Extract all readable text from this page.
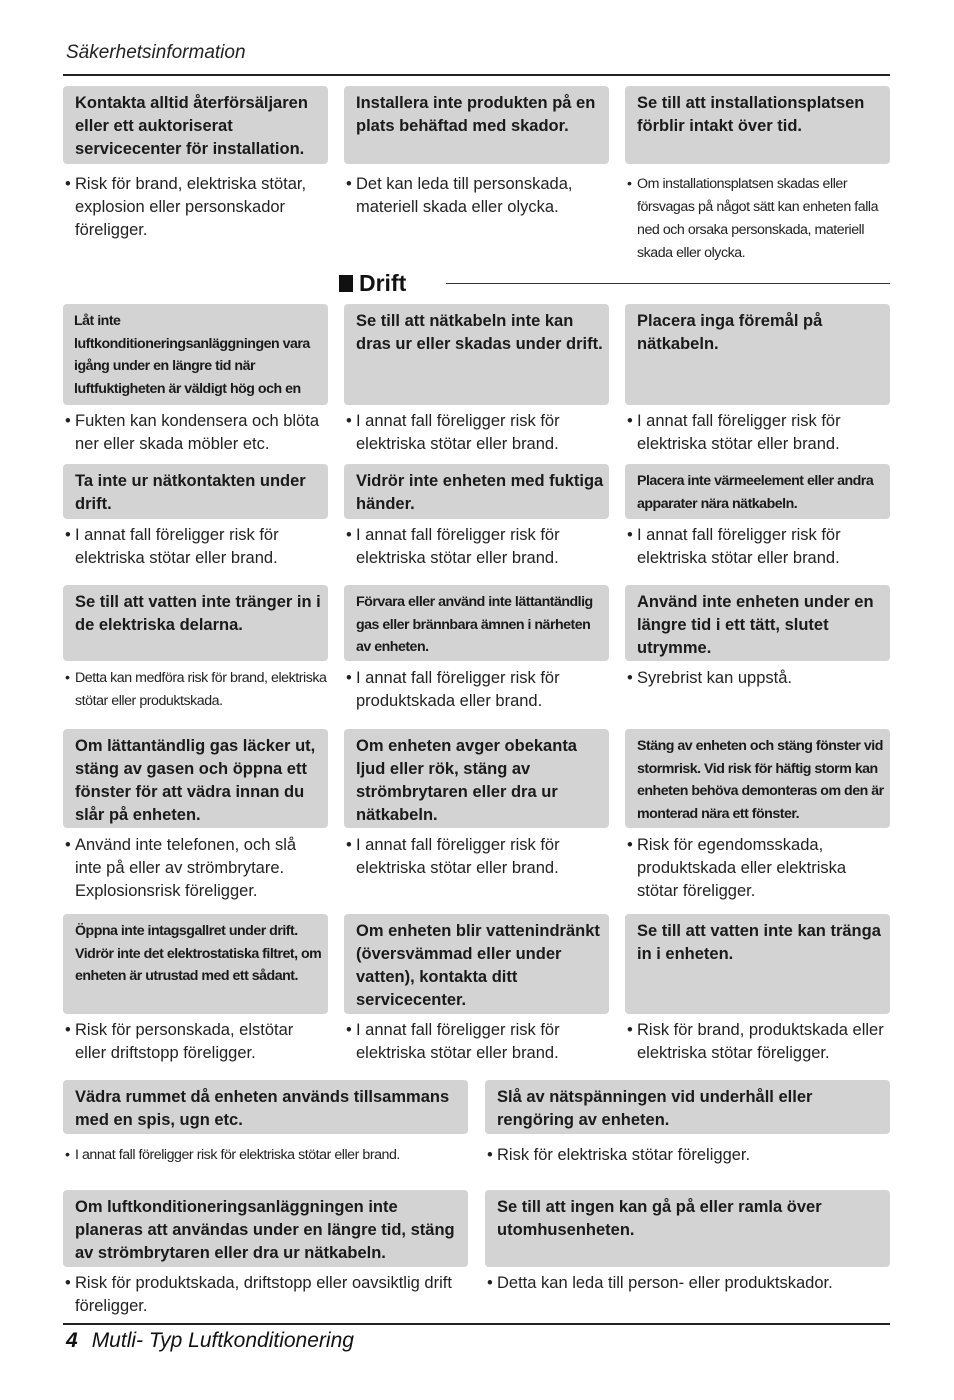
Säkerhetsinformation
Kontakta alltid återförsäljaren eller ett auktoriserat servicecenter för installation.
Installera inte produkten på en plats behäftad med skador.
Se till att installationsplatsen förblir intakt över tid.
• Risk för brand, elektriska stötar, explosion eller personskador föreligger.
• Det kan leda till personskada, materiell skada eller olycka.
• Om installationsplatsen skadas eller försvagas på något sätt kan enheten falla ned och orsaka personskada, materiell skada eller olycka.
Drift
Låt inte luftkonditioneringsanläggningen vara igång under en längre tid när luftfuktigheten är väldigt hög och en
Se till att nätkabeln inte kan dras ur eller skadas under drift.
Placera inga föremål på nätkabeln.
• Fukten kan kondensera och blöta ner eller skada möbler etc.
• I annat fall föreligger risk för elektriska stötar eller brand.
• I annat fall föreligger risk för elektriska stötar eller brand.
Ta inte ur nätkontakten under drift.
Vidrör inte enheten med fuktiga händer.
Placera inte värmeelement eller andra apparater nära nätkabeln.
• I annat fall föreligger risk för elektriska stötar eller brand.
• I annat fall föreligger risk för elektriska stötar eller brand.
• I annat fall föreligger risk för elektriska stötar eller brand.
Se till att vatten inte tränger in i de elektriska delarna.
Förvara eller använd inte lättantändlig gas eller brännbara ämnen i närheten av enheten.
Använd inte enheten under en längre tid i ett tätt, slutet utrymme.
• Detta kan medföra risk för brand, elektriska stötar eller produktskada.
• I annat fall föreligger risk för produktskada eller brand.
• Syrebrist kan uppstå.
Om lättantändlig gas läcker ut, stäng av gasen och öppna ett fönster för att vädra innan du slår på enheten.
Om enheten avger obekanta ljud eller rök, stäng av strömbrytaren eller dra ur nätkabeln.
Stäng av enheten och stäng fönster vid stormrisk. Vid risk för häftig storm kan enheten behöva demonteras om den är monterad nära ett fönster.
• Använd inte telefonen, och slå inte på eller av strömbrytare. Explosionsrisk föreligger.
• I annat fall föreligger risk för elektriska stötar eller brand.
• Risk för egendomsskada, produktskada eller elektriska stötar föreligger.
Öppna inte intagsgallret under drift. Vidrör inte det elektrostatiska filtret, om enheten är utrustad med ett sådant.
Om enheten blir vattenindränkt (översvämmad eller under vatten), kontakta ditt servicecenter.
Se till att vatten inte kan tränga in i enheten.
• Risk för personskada, elstötar eller driftstopp föreligger.
• I annat fall föreligger risk för elektriska stötar eller brand.
• Risk för brand, produktskada eller elektriska stötar föreligger.
Vädra rummet då enheten används tillsammans med en spis, ugn etc.
Slå av nätspänningen vid underhåll eller rengöring av enheten.
• I annat fall föreligger risk för elektriska stötar eller brand.	• Risk för elektriska stötar föreligger.
Om luftkonditioneringsanläggningen inte planeras att användas under en längre tid, stäng av strömbrytaren eller dra ur nätkabeln.
Se till att ingen kan gå på eller ramla över utomhusenheten.
• Risk för produktskada, driftstopp eller oavsiktlig drift föreligger.
• Detta kan leda till person- eller produktskador.
4 Mutli- Typ Luftkonditionering
